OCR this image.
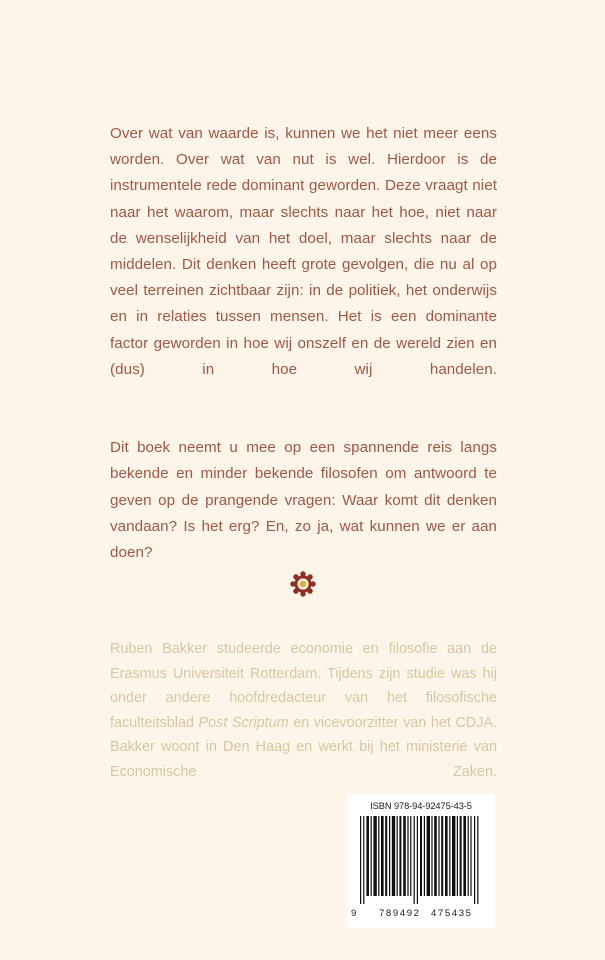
Over wat van waarde is, kunnen we het niet meer eens worden. Over wat van nut is wel. Hierdoor is de instrumentele rede dominant geworden. Deze vraagt niet naar het waarom, maar slechts naar het hoe, niet naar de wenselijkheid van het doel, maar slechts naar de middelen. Dit denken heeft grote gevolgen, die nu al op veel terreinen zichtbaar zijn: in de politiek, het onderwijs en in relaties tussen mensen. Het is een dominante factor geworden in hoe wij onszelf en de wereld zien en (dus) in hoe wij handelen.

Dit boek neemt u mee op een spannende reis langs bekende en minder bekende filosofen om antwoord te geven op de prangende vragen: Waar komt dit denken vandaan? Is het erg? En, zo ja, wat kunnen we er aan doen?

Ruben Bakker studeerde economie en filosofie aan de Erasmus Universiteit Rotterdam. Tijdens zijn studie was hij onder andere hoofdredacteur van het filosofische faculteitsblad Post Scriptum en vicevoorzitter van het CDJA. Bakker woont in Den Haag en werkt bij het ministerie van Economische Zaken.

ISBN 978-94-92475-43-5
9 789492 475435
